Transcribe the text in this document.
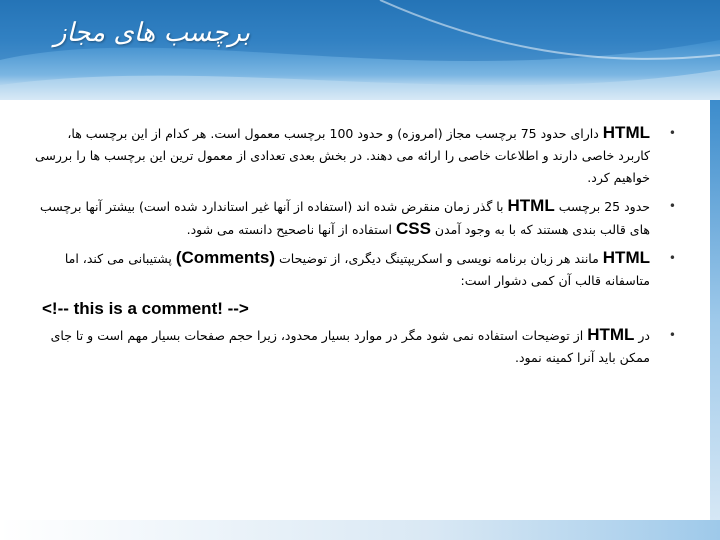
برچسب های مجاز
•
HTML دارای حدود 75 برچسب مجاز (امروزه) و حدود 100 برچسب معمول است. هر کدام از این برچسب ها، کاربرد خاصی دارند و اطلاعات خاصی را ارائه می دهند. در بخش بعدی تعدادی از معمول ترین این برچسب ها را بررسی خواهیم کرد.
•
حدود 25 برچسب HTML با گذر زمان منقرض شده اند (استفاده از آنها غیر استاندارد شده است) بیشتر آنها برچسب های قالب بندی هستند که با به وجود آمدن CSS استفاده از آنها ناصحیح دانسته می شود.
•
HTML مانند هر زبان برنامه نویسی و اسکریپتینگ دیگری، از توضیحات (Comments) پشتیبانی می کند، اما متاسفانه قالب آن کمی دشوار است:
<!-- this is a comment! -->
•
در HTML از توضیحات استفاده نمی شود مگر در موارد بسیار محدود، زیرا حجم صفحات بسیار مهم است و تا جای ممکن باید آنرا کمینه نمود.
